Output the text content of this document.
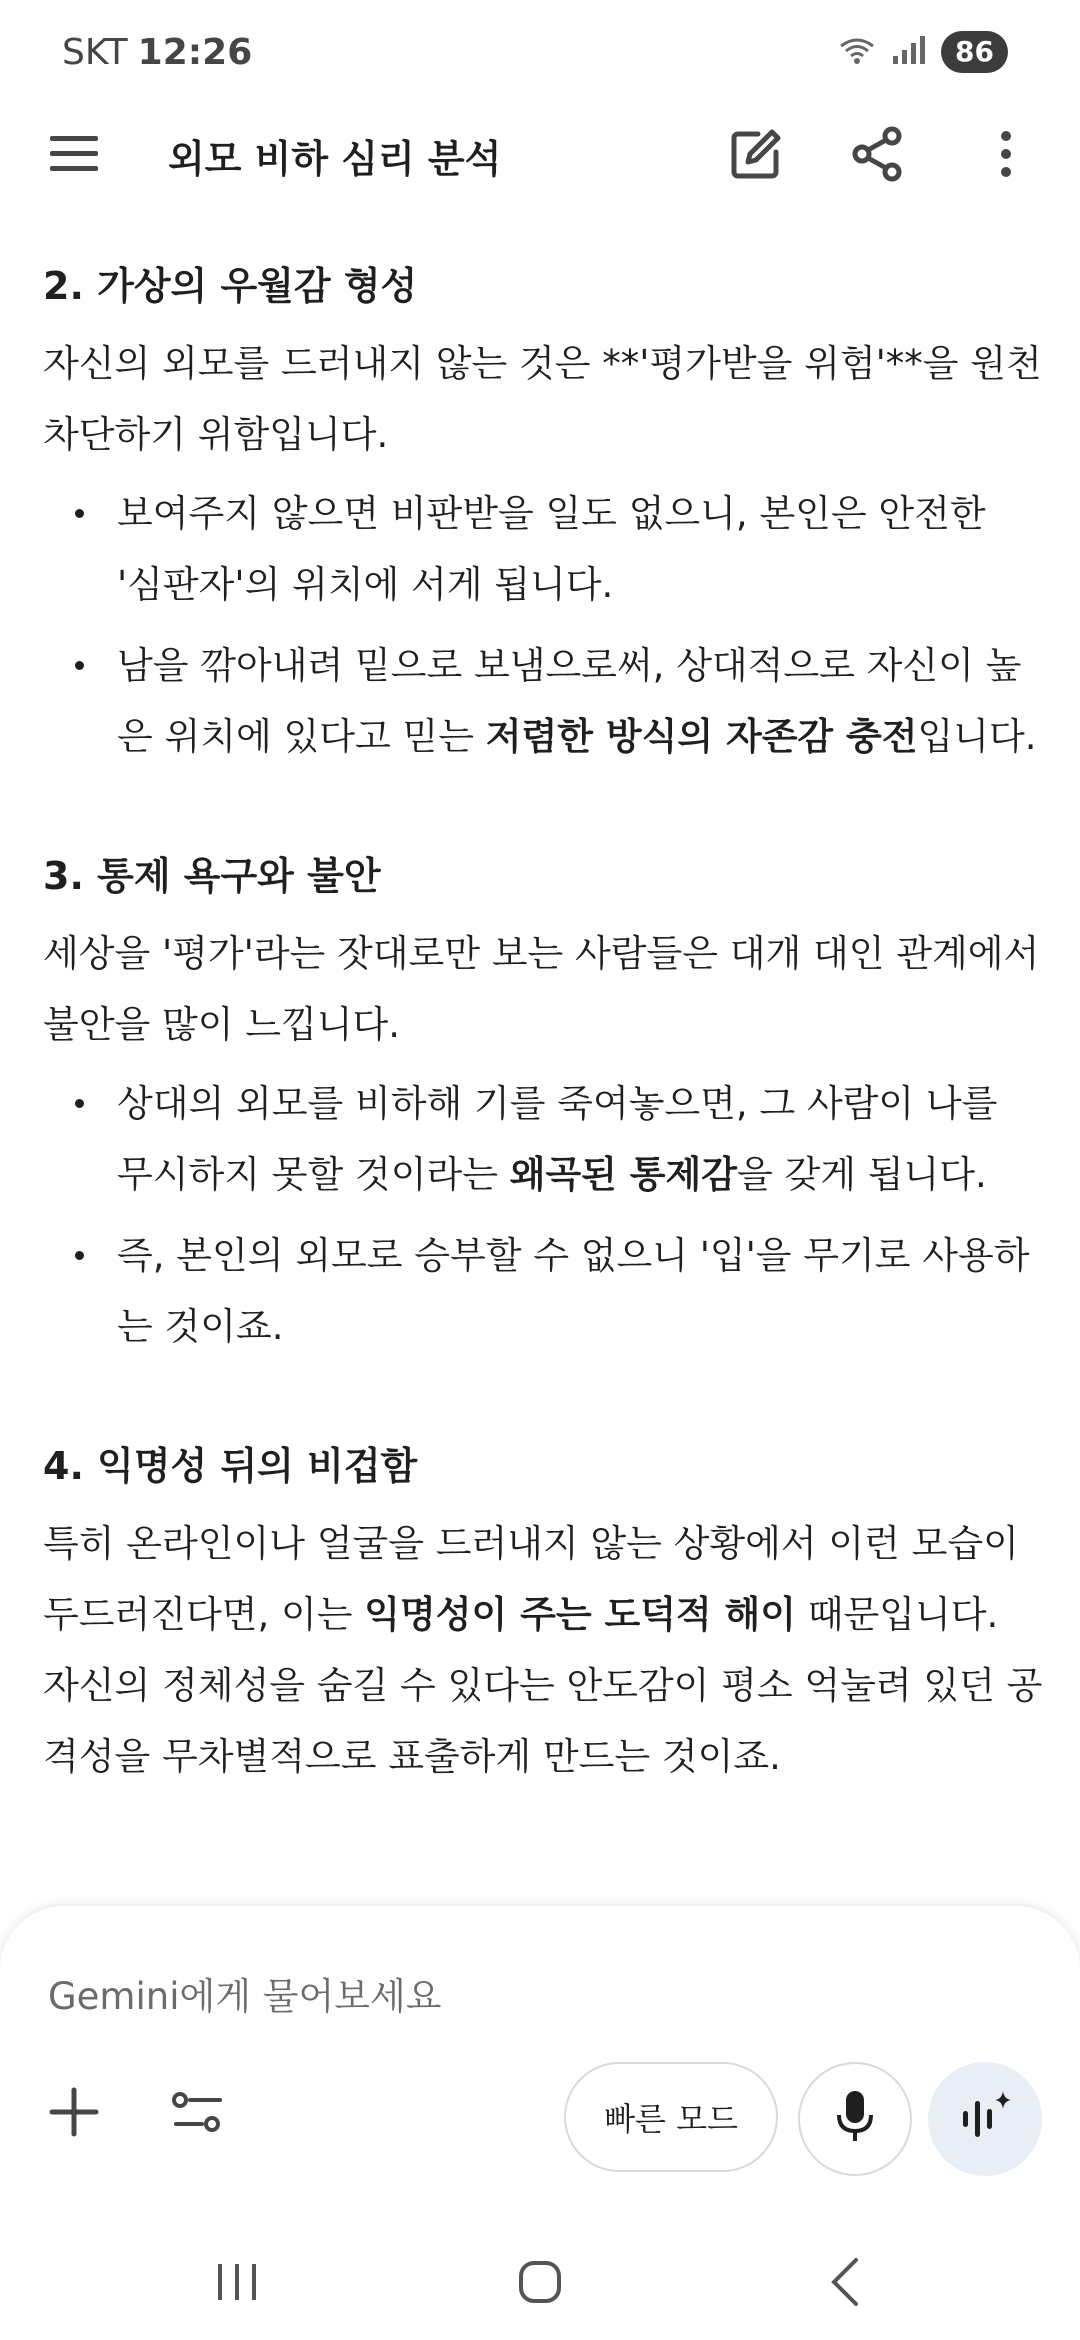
SKT 12:26	86
외모 비하 심리 분석
2. 가상의 우월감 형성
자신의 외모를 드러내지 않는 것은 **'평가받을 위험'**을 원천 차단하기 위함입니다.
보여주지 않으면 비판받을 일도 없으니, 본인은 안전한 '심판자'의 위치에 서게 됩니다.
남을 깎아내려 밑으로 보냄으로써, 상대적으로 자신이 높은 위치에 있다고 믿는 저렴한 방식의 자존감 충전입니다.
3. 통제 욕구와 불안
세상을 '평가'라는 잣대로만 보는 사람들은 대개 대인 관계에서 불안을 많이 느낍니다.
상대의 외모를 비하해 기를 죽여놓으면, 그 사람이 나를 무시하지 못할 것이라는 왜곡된 통제감을 갖게 됩니다.
즉, 본인의 외모로 승부할 수 없으니 '입'을 무기로 사용하는 것이죠.
4. 익명성 뒤의 비겁함
특히 온라인이나 얼굴을 드러내지 않는 상황에서 이런 모습이 두드러진다면, 이는 익명성이 주는 도덕적 해이 때문입니다. 자신의 정체성을 숨길 수 있다는 안도감이 평소 억눌려 있던 공격성을 무차별적으로 표출하게 만드는 것이죠.
Gemini에게 물어보세요
빠른 모드
